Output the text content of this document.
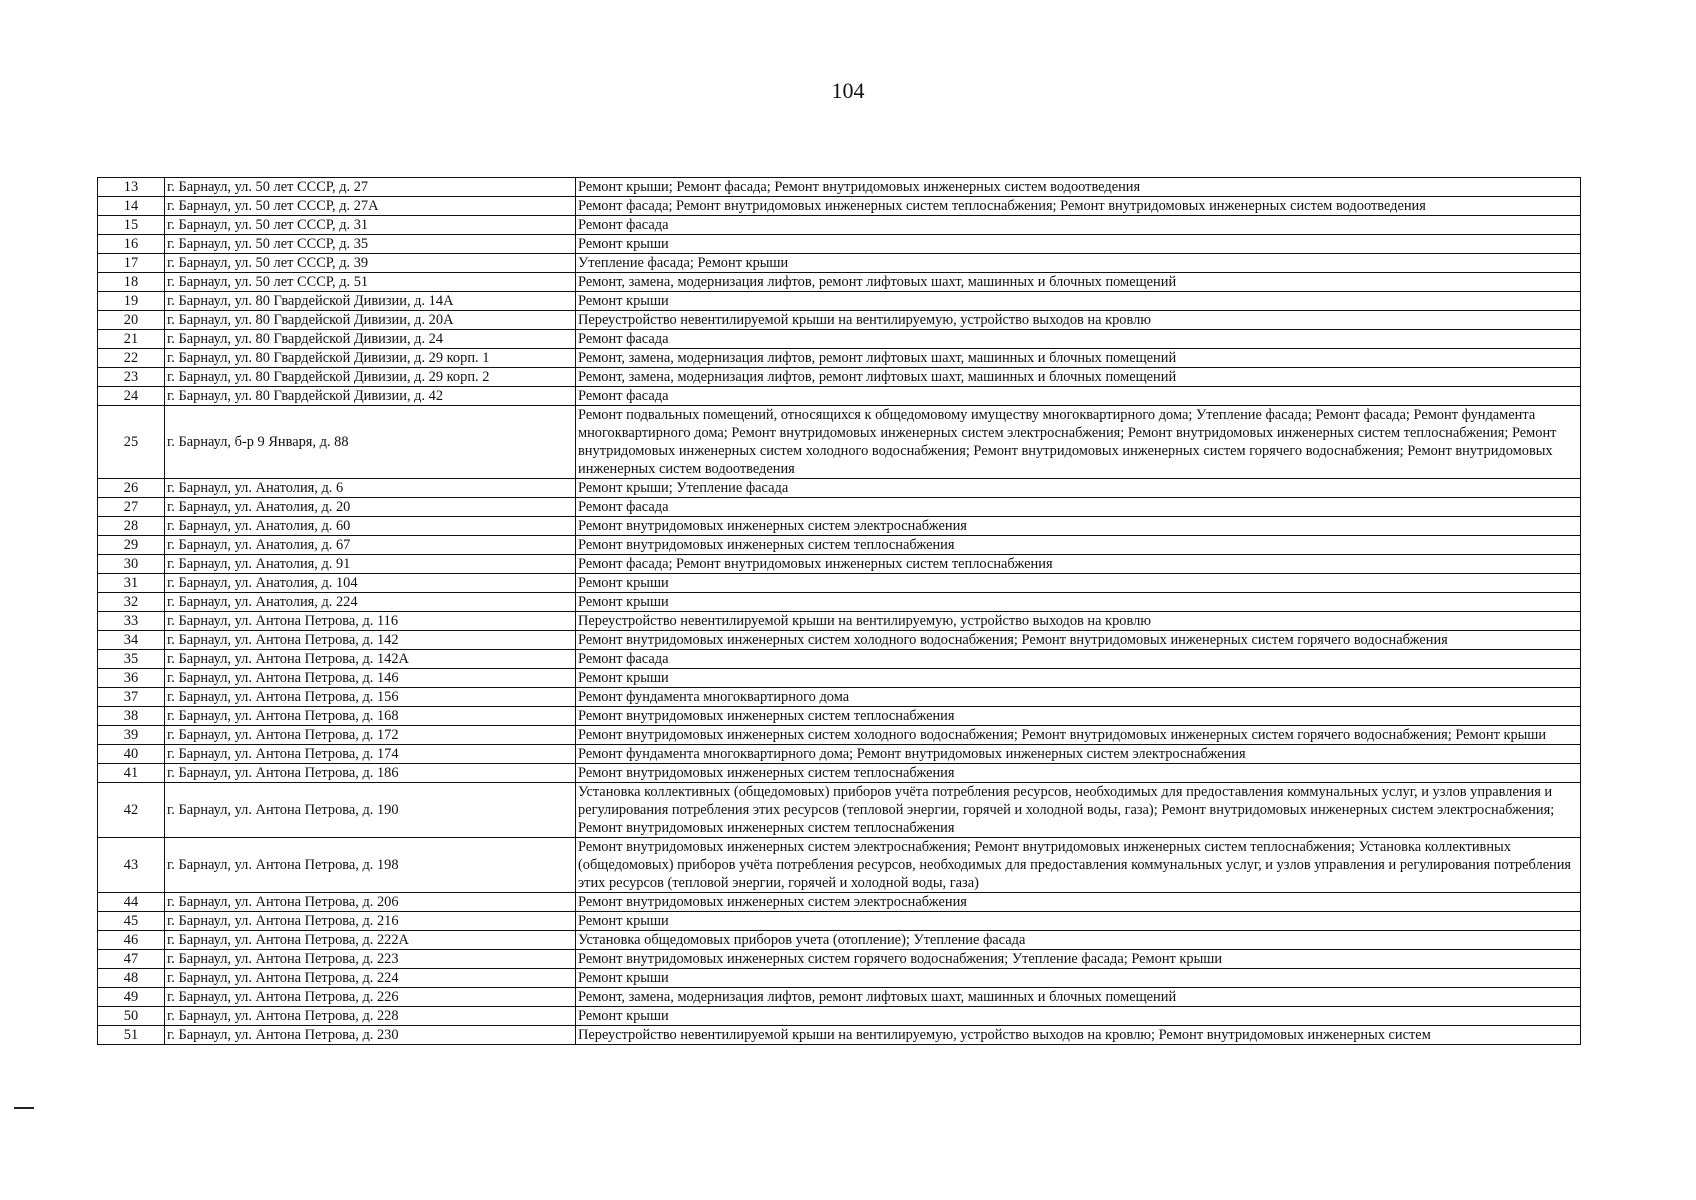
104
13	г. Барнаул, ул. 50 лет СССР, д. 27	Ремонт крыши; Ремонт фасада; Ремонт внутридомовых инженерных систем водоотведения
14	г. Барнаул, ул. 50 лет СССР, д. 27А	Ремонт фасада; Ремонт внутридомовых инженерных систем теплоснабжения; Ремонт внутридомовых инженерных систем водоотведения
15	г. Барнаул, ул. 50 лет СССР, д. 31	Ремонт фасада
16	г. Барнаул, ул. 50 лет СССР, д. 35	Ремонт крыши
17	г. Барнаул, ул. 50 лет СССР, д. 39	Утепление фасада; Ремонт крыши
18	г. Барнаул, ул. 50 лет СССР, д. 51	Ремонт, замена, модернизация лифтов, ремонт лифтовых шахт, машинных и блочных помещений
19	г. Барнаул, ул. 80 Гвардейской Дивизии, д. 14А	Ремонт крыши
20	г. Барнаул, ул. 80 Гвардейской Дивизии, д. 20А	Переустройство невентилируемой крыши на вентилируемую, устройство выходов на кровлю
21	г. Барнаул, ул. 80 Гвардейской Дивизии, д. 24	Ремонт фасада
22	г. Барнаул, ул. 80 Гвардейской Дивизии, д. 29 корп. 1	Ремонт, замена, модернизация лифтов, ремонт лифтовых шахт, машинных и блочных помещений
23	г. Барнаул, ул. 80 Гвардейской Дивизии, д. 29 корп. 2	Ремонт, замена, модернизация лифтов, ремонт лифтовых шахт, машинных и блочных помещений
24	г. Барнаул, ул. 80 Гвардейской Дивизии, д. 42	Ремонт фасада
25	г. Барнаул, б-р 9 Января, д. 88	Ремонт подвальных помещений, относящихся к общедомовому имуществу многоквартирного дома; Утепление фасада; Ремонт фасада; Ремонт фундамента многоквартирного дома; Ремонт внутридомовых инженерных систем электроснабжения; Ремонт внутридомовых инженерных систем теплоснабжения; Ремонт внутридомовых инженерных систем холодного водоснабжения; Ремонт внутридомовых инженерных систем горячего водоснабжения; Ремонт внутридомовых инженерных систем водоотведения
26	г. Барнаул, ул. Анатолия, д. 6	Ремонт крыши; Утепление фасада
27	г. Барнаул, ул. Анатолия, д. 20	Ремонт фасада
28	г. Барнаул, ул. Анатолия, д. 60	Ремонт внутридомовых инженерных систем электроснабжения
29	г. Барнаул, ул. Анатолия, д. 67	Ремонт внутридомовых инженерных систем теплоснабжения
30	г. Барнаул, ул. Анатолия, д. 91	Ремонт фасада; Ремонт внутридомовых инженерных систем теплоснабжения
31	г. Барнаул, ул. Анатолия, д. 104	Ремонт крыши
32	г. Барнаул, ул. Анатолия, д. 224	Ремонт крыши
33	г. Барнаул, ул. Антона Петрова, д. 116	Переустройство невентилируемой крыши на вентилируемую, устройство выходов на кровлю
34	г. Барнаул, ул. Антона Петрова, д. 142	Ремонт внутридомовых инженерных систем холодного водоснабжения; Ремонт внутридомовых инженерных систем горячего водоснабжения
35	г. Барнаул, ул. Антона Петрова, д. 142А	Ремонт фасада
36	г. Барнаул, ул. Антона Петрова, д. 146	Ремонт крыши
37	г. Барнаул, ул. Антона Петрова, д. 156	Ремонт фундамента многоквартирного дома
38	г. Барнаул, ул. Антона Петрова, д. 168	Ремонт внутридомовых инженерных систем теплоснабжения
39	г. Барнаул, ул. Антона Петрова, д. 172	Ремонт внутридомовых инженерных систем холодного водоснабжения; Ремонт внутридомовых инженерных систем горячего водоснабжения; Ремонт крыши
40	г. Барнаул, ул. Антона Петрова, д. 174	Ремонт фундамента многоквартирного дома; Ремонт внутридомовых инженерных систем электроснабжения
41	г. Барнаул, ул. Антона Петрова, д. 186	Ремонт внутридомовых инженерных систем теплоснабжения
42	г. Барнаул, ул. Антона Петрова, д. 190	Установка коллективных (общедомовых) приборов учёта потребления ресурсов, необходимых для предоставления коммунальных услуг, и узлов управления и регулирования потребления этих ресурсов (тепловой энергии, горячей и холодной воды, газа); Ремонт внутридомовых инженерных систем электроснабжения; Ремонт внутридомовых инженерных систем теплоснабжения
43	г. Барнаул, ул. Антона Петрова, д. 198	Ремонт внутридомовых инженерных систем электроснабжения; Ремонт внутридомовых инженерных систем теплоснабжения; Установка коллективных (общедомовых) приборов учёта потребления ресурсов, необходимых для предоставления коммунальных услуг, и узлов управления и регулирования потребления этих ресурсов (тепловой энергии, горячей и холодной воды, газа)
44	г. Барнаул, ул. Антона Петрова, д. 206	Ремонт внутридомовых инженерных систем электроснабжения
45	г. Барнаул, ул. Антона Петрова, д. 216	Ремонт крыши
46	г. Барнаул, ул. Антона Петрова, д. 222А	Установка общедомовых приборов учета (отопление); Утепление фасада
47	г. Барнаул, ул. Антона Петрова, д. 223	Ремонт внутридомовых инженерных систем горячего водоснабжения; Утепление фасада; Ремонт крыши
48	г. Барнаул, ул. Антона Петрова, д. 224	Ремонт крыши
49	г. Барнаул, ул. Антона Петрова, д. 226	Ремонт, замена, модернизация лифтов, ремонт лифтовых шахт, машинных и блочных помещений
50	г. Барнаул, ул. Антона Петрова, д. 228	Ремонт крыши
51	г. Барнаул, ул. Антона Петрова, д. 230	Переустройство невентилируемой крыши на вентилируемую, устройство выходов на кровлю; Ремонт внутридомовых инженерных систем
